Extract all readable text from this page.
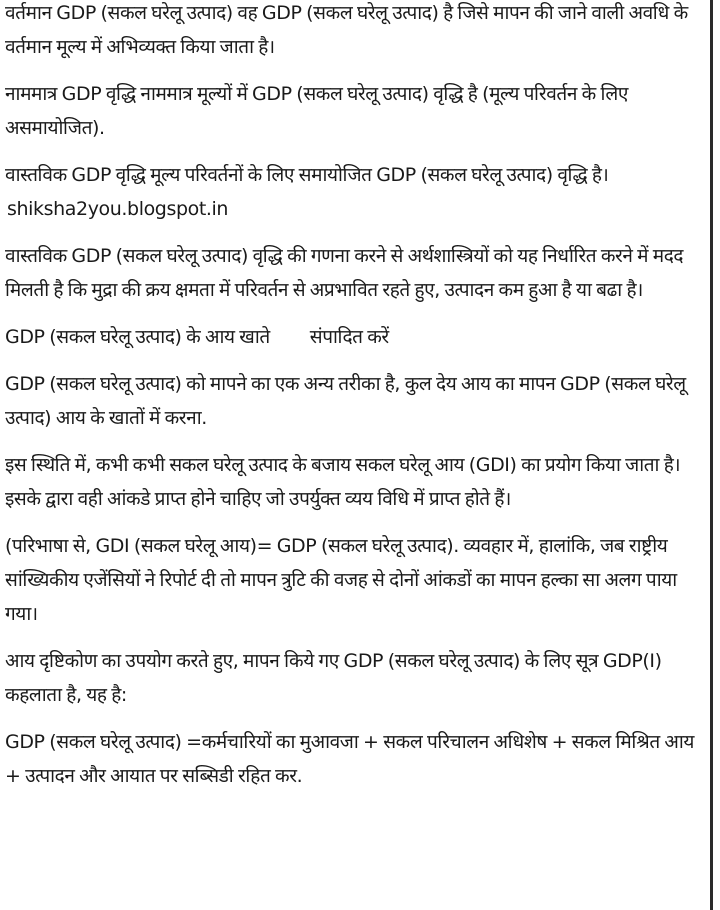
वर्तमान GDP (सकल घरेलू उत्पाद) वह GDP (सकल घरेलू उत्पाद) है जिसे मापन की जाने वाली अवधि के वर्तमान मूल्य में अभिव्यक्त किया जाता है।

नाममात्र GDP वृद्धि नाममात्र मूल्यों में GDP (सकल घरेलू उत्पाद) वृद्धि है (मूल्य परिवर्तन के लिए असमायोजित).

वास्तविक GDP वृद्धि मूल्य परिवर्तनों के लिए समायोजित GDP (सकल घरेलू उत्पाद) वृद्धि है।shiksha2you.blogspot.in

वास्तविक GDP (सकल घरेलू उत्पाद) वृद्धि की गणना करने से अर्थशास्त्रियों को यह निर्धारित करने में मदद मिलती है कि मुद्रा की क्रय क्षमता में परिवर्तन से अप्रभावित रहते हुए, उत्पादन कम हुआ है या बढा है।

GDP (सकल घरेलू उत्पाद) के आय खाते संपादित करें

GDP (सकल घरेलू उत्पाद) को मापने का एक अन्य तरीका है, कुल देय आय का मापन GDP (सकल घरेलू उत्पाद) आय के खातों में करना.

इस स्थिति में, कभी कभी सकल घरेलू उत्पाद के बजाय सकल घरेलू आय (GDI) का प्रयोग किया जाता है। इसके द्वारा वही आंकडे प्राप्त होने चाहिए जो उपर्युक्त व्यय विधि में प्राप्त होते हैं।

(परिभाषा से, GDI (सकल घरेलू आय)= GDP (सकल घरेलू उत्पाद). व्यवहार में, हालांकि, जब राष्ट्रीय सांख्यिकीय एजेंसियों ने रिपोर्ट दी तो मापन त्रुटि की वजह से दोनों आंकडों का मापन हल्का सा अलग पाया गया।

आय दृष्टिकोण का उपयोग करते हुए, मापन किये गए GDP (सकल घरेलू उत्पाद) के लिए सूत्र GDP(I) कहलाता है, यह है:

GDP (सकल घरेलू उत्पाद) =कर्मचारियों का मुआवजा + सकल परिचालन अधिशेष + सकल मिश्रित आय + उत्पादन और आयात पर सब्सिडी रहित कर.
